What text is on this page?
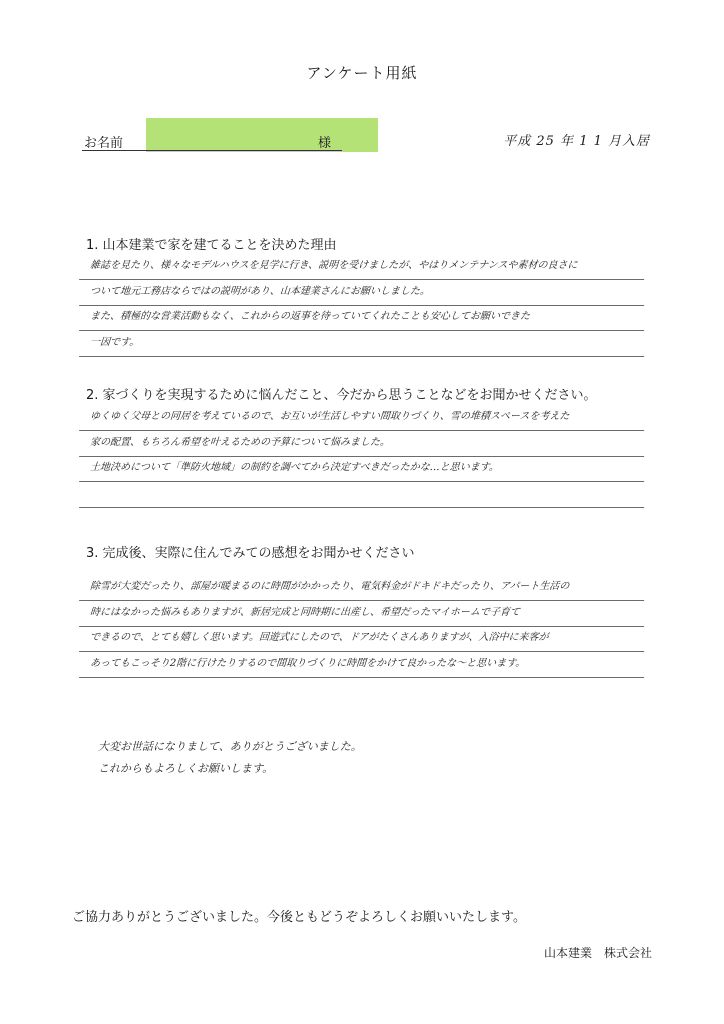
アンケート用紙
お名前	様	平成 25 年 1 1 月入居
1. 山本建業で家を建てることを決めた理由
雑誌を見たり、様々なモデルハウスを見学に行き、説明を受けましたが、やはりメンテナンスや素材の良さに
ついて地元工務店ならではの説明があり、山本建業さんにお願いしました。
また、積極的な営業活動もなく、これからの返事を待っていてくれたことも安心してお願いできた
一因です。
2. 家づくりを実現するために悩んだこと、今だから思うことなどをお聞かせください。
ゆくゆく父母との同居を考えているので、お互いが生活しやすい間取りづくり、雪の堆積スペースを考えた
家の配置、もちろん希望を叶えるための予算について悩みました。
土地決めについて「準防火地域」の制約を調べてから決定すべきだったかな…と思います。
3. 完成後、実際に住んでみての感想をお聞かせください
除雪が大変だったり、部屋が暖まるのに時間がかかったり、電気料金がドキドキだったり、アパート生活の
時にはなかった悩みもありますが、新居完成と同時期に出産し、希望だったマイホームで子育て
できるので、とても嬉しく思います。回遊式にしたので、ドアがたくさんありますが、入浴中に来客が
あってもこっそり2階に行けたりするので間取りづくりに時間をかけて良かったな〜と思います。
大変お世話になりまして、ありがとうございました。
これからもよろしくお願いします。
ご協力ありがとうございました。今後ともどうぞよろしくお願いいたします。
山本建業　株式会社
